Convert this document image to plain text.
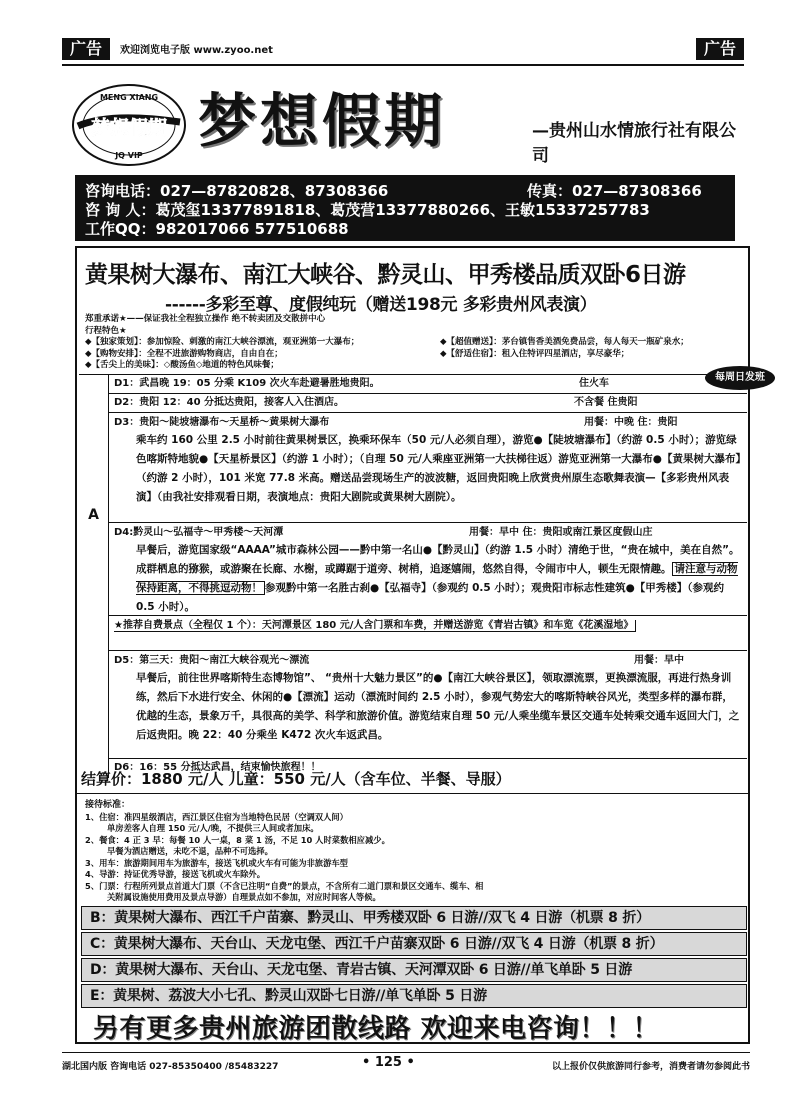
广告	欢迎浏览电子版 www.zyoo.net	广告
MENG XIANG
梦想假期
JQ VIP
梦想假期	—贵州山水情旅行社有限公司
咨询电话：027—87820828、87308366	传真：027—87308366
咨 询 人：葛茂玺13377891818、葛茂营13377880266、王敏15337257783
工作QQ：982017066 577510688
黄果树大瀑布、南江大峡谷、黔灵山、甲秀楼品质双卧6日游
------多彩至尊、度假纯玩（赠送198元 多彩贵州风表演）
郑重承诺★——保证我社全程独立操作 绝不转卖团及交散拼中心
行程特色★
◆【独家策划】：参加惊险、刺激的南江大峡谷漂流，观亚洲第一大瀑布；	◆【超值赠送】：茅台镇售香美酒免费品尝，每人每天一瓶矿泉水；
◆【购物安排】：全程不进旅游购物商店，自由自在；	◆【舒适住宿】：租入住特评四星酒店，享尽豪华；
◆【舌尖上的美味】：◇酸汤鱼◇地道的特色风味餐；
A
D1：武昌晚 19：05 分乘 K109 次火车赴避暑胜地贵阳。	住火车
D2：贵阳 12：40 分抵达贵阳，接客人入住酒店。	不含餐 住贵阳
D3：贵阳～陡坡塘瀑布～天星桥～黄果树大瀑布	用餐：中晚 住：贵阳
乘车约 160 公里 2.5 小时前往黄果树景区，换乘环保车（50 元/人必须自理），游览●【陡坡塘瀑布】（约游 0.5 小时）；游览绿色喀斯特地貌●【天星桥景区】（约游 1 小时）；（自理 50 元/人乘座亚洲第一大扶梯往返）游览亚洲第一大瀑布●【黄果树大瀑布】（约游 2 小时），101 米宽 77.8 米高。赠送品尝现场生产的波波糖，返回贵阳晚上欣赏贵州原生态歌舞表演—【多彩贵州风表演】（由我社安排观看日期，表演地点：贵阳大剧院或黄果树大剧院）。
D4:黔灵山～弘福寺～甲秀楼～天河潭	用餐：早中 住：贵阳或南江景区度假山庄
早餐后，游览国家级“AAAA”城市森林公园——黔中第一名山●【黔灵山】（约游 1.5 小时）清绝于世，“贵在城中，美在自然”。 成群栖息的猕猴，或游聚在长廊、水榭，或蹲踞于道旁、树梢，追逐嬉闹，悠然自得，令闹市中人，顿生无限情趣。 请注意与动物保持距离，不得挑逗动物！ 参观黔中第一名胜古刹●【弘福寺】（参观约 0.5 小时）；观贵阳市标志性建筑●【甲秀楼】（参观约 0.5 小时）。
★推荐自费景点（全程仅 1 个）：天河潭景区 180 元/人含门票和车费，并赠送游览《青岩古镇》和车览《花溪湿地》
D5：第三天：贵阳～南江大峡谷观光～漂流	用餐：早中
早餐后，前往世界喀斯特生态博物馆”、 “贵州十大魅力景区”的●【南江大峡谷景区】，领取漂流票，更换漂流服，再进行热身训练，然后下水进行安全、休闲的●【漂流】运动（漂流时间约 2.5 小时），参观气势宏大的喀斯特峡谷风光，类型多样的瀑布群，优越的生态，景象万千，具很高的美学、科学和旅游价值。游览结束自理 50 元/人乘坐缆车景区交通车处转乘交通车返回大门，之后返贵阳。晚 22：40 分乘坐 K472 次火车返武昌。
D6：16：55 分抵达武昌，结束愉快旅程！！
每周日发班
结算价：1880 元/人 儿童：550 元/人（含车位、半餐、导服）
接待标准：
1、住宿：准四星级酒店，西江景区住宿为当地特色民居（空调双人间）
单房差客人自理 150 元/人/晚，不提供三人间或者加床。
2、餐食：4 正 3 早：每餐 10 人一桌，8 菜 1 汤，不足 10 人时菜数相应减少。
早餐为酒店赠送，未吃不退，品种不可选择。
3、用车：旅游期间用车为旅游车，接送飞机或火车有可能为非旅游车型
4、导游：持证优秀导游，接送飞机或火车除外。
5、门票：行程所列景点首道大门票（不含已注明“自费”的景点，不含所有二道门票和景区交通车、缆车、相
关附属设施使用费用及景点导游）自理景点如不参加，对应时间客人等候。
B：黄果树大瀑布、西江千户苗寨、黔灵山、甲秀楼双卧 6 日游//双飞 4 日游（机票 8 折）
C：黄果树大瀑布、天台山、天龙屯堡、西江千户苗寨双卧 6 日游//双飞 4 日游（机票 8 折）
D：黄果树大瀑布、天台山、天龙屯堡、青岩古镇、天河潭双卧 6 日游//单飞单卧 5 日游
E：黄果树、荔波大小七孔、黔灵山双卧七日游//单飞单卧 5 日游
另有更多贵州旅游团散线路 欢迎来电咨询！！！
湖北国内版 咨询电话 027-85350400 /85483227	• 125 •	以上报价仅供旅游同行参考，消费者请勿参阅此书
